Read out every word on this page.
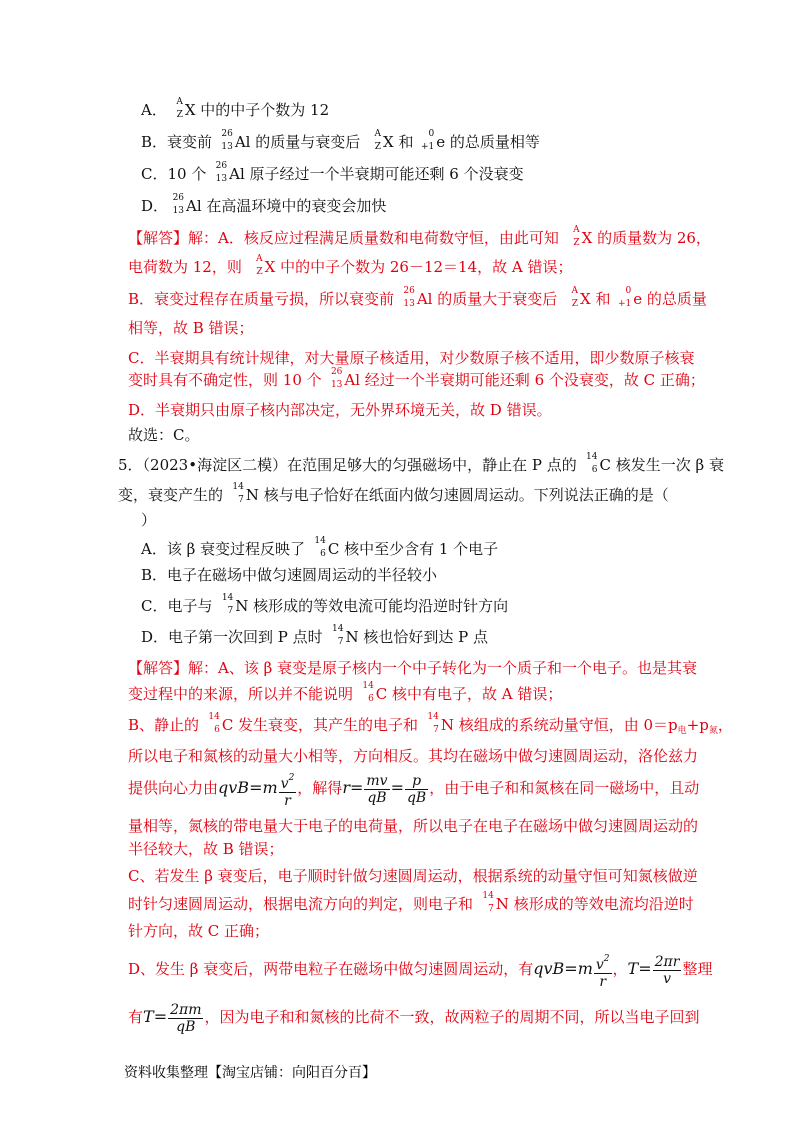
A． A
Z X 中的中子个数为 12
B．衰变前 26
13 Al 的质量与衰变后 A
Z X 和 0
+1 e 的总质量相等
C．10 个 26
13 Al 原子经过一个半衰期可能还剩 6 个没衰变
D． 26
13 Al 在高温环境中的衰变会加快
【解答】解：A．核反应过程满足质量数和电荷数守恒，由此可知 A
Z X 的质量数为 26，
电荷数为 12，则 A
Z X 中的中子个数为 26－12＝14，故 A 错误；
B．衰变过程存在质量亏损，所以衰变前 26
13 Al 的质量大于衰变后 A
Z X 和 0
+1 e 的总质量
相等，故 B 错误；
C．半衰期具有统计规律，对大量原子核适用，对少数原子核不适用，即少数原子核衰
变时具有不确定性，则 10 个 26
13 Al 经过一个半衰期可能还剩 6 个没衰变，故 C 正确；
D．半衰期只由原子核内部决定，无外界环境无关，故 D 错误。
故选：C。
5．（2023•海淀区二模）在范围足够大的匀强磁场中，静止在 P 点的 14
6 C 核发生一次 β 衰
变，衰变产生的 14
7 N 核与电子恰好在纸面内做匀速圆周运动。下列说法正确的是（
）
A．该 β 衰变过程反映了 14
6 C 核中至少含有 1 个电子
B．电子在磁场中做匀速圆周运动的半径较小
C．电子与 14
7 N 核形成的等效电流可能均沿逆时针方向
D．电子第一次回到 P 点时 14
7 N 核也恰好到达 P 点
【解答】解：A、该 β 衰变是原子核内一个中子转化为一个质子和一个电子。也是其衰
变过程中的来源，所以并不能说明 14
6 C 核中有电子，故 A 错误；
B、静止的 14
6 C 发生衰变，其产生的电子和 14
7 N 核组成的系统动量守恒，由 $0=p_电+p_氮$，
所以电子和氮核的动量大小相等，方向相反。其均在磁场中做匀速圆周运动，洛伦兹力
提供向心力由$qvB=m \frac{v^2}{r}$ ，解得$r= \frac{mv}{qB} = \frac{p}{qB}$ ，由于电子和和氮核在同一磁场中，且动
量相等，氮核的带电量大于电子的电荷量，所以电子在电子在磁场中做匀速圆周运动的
半径较大，故 B 错误；
C、若发生 β 衰变后，电子顺时针做匀速圆周运动，根据系统的动量守恒可知氮核做逆
时针匀速圆周运动，根据电流方向的判定，则电子和 14
7 N 核形成的等效电流均沿逆时
针方向，故 C 正确；
D、发生 β 衰变后，两带电粒子在磁场中做匀速圆周运动，有$qvB=m \frac{v^2}{r}$ ，$T= \frac{2\pi r}{v}$ 整理
有$T= \frac{2\pi m}{qB}$ ，因为电子和和氮核的比荷不一致，故两粒子的周期不同，所以当电子回到
资料收集整理【淘宝店铺：向阳百分百】
